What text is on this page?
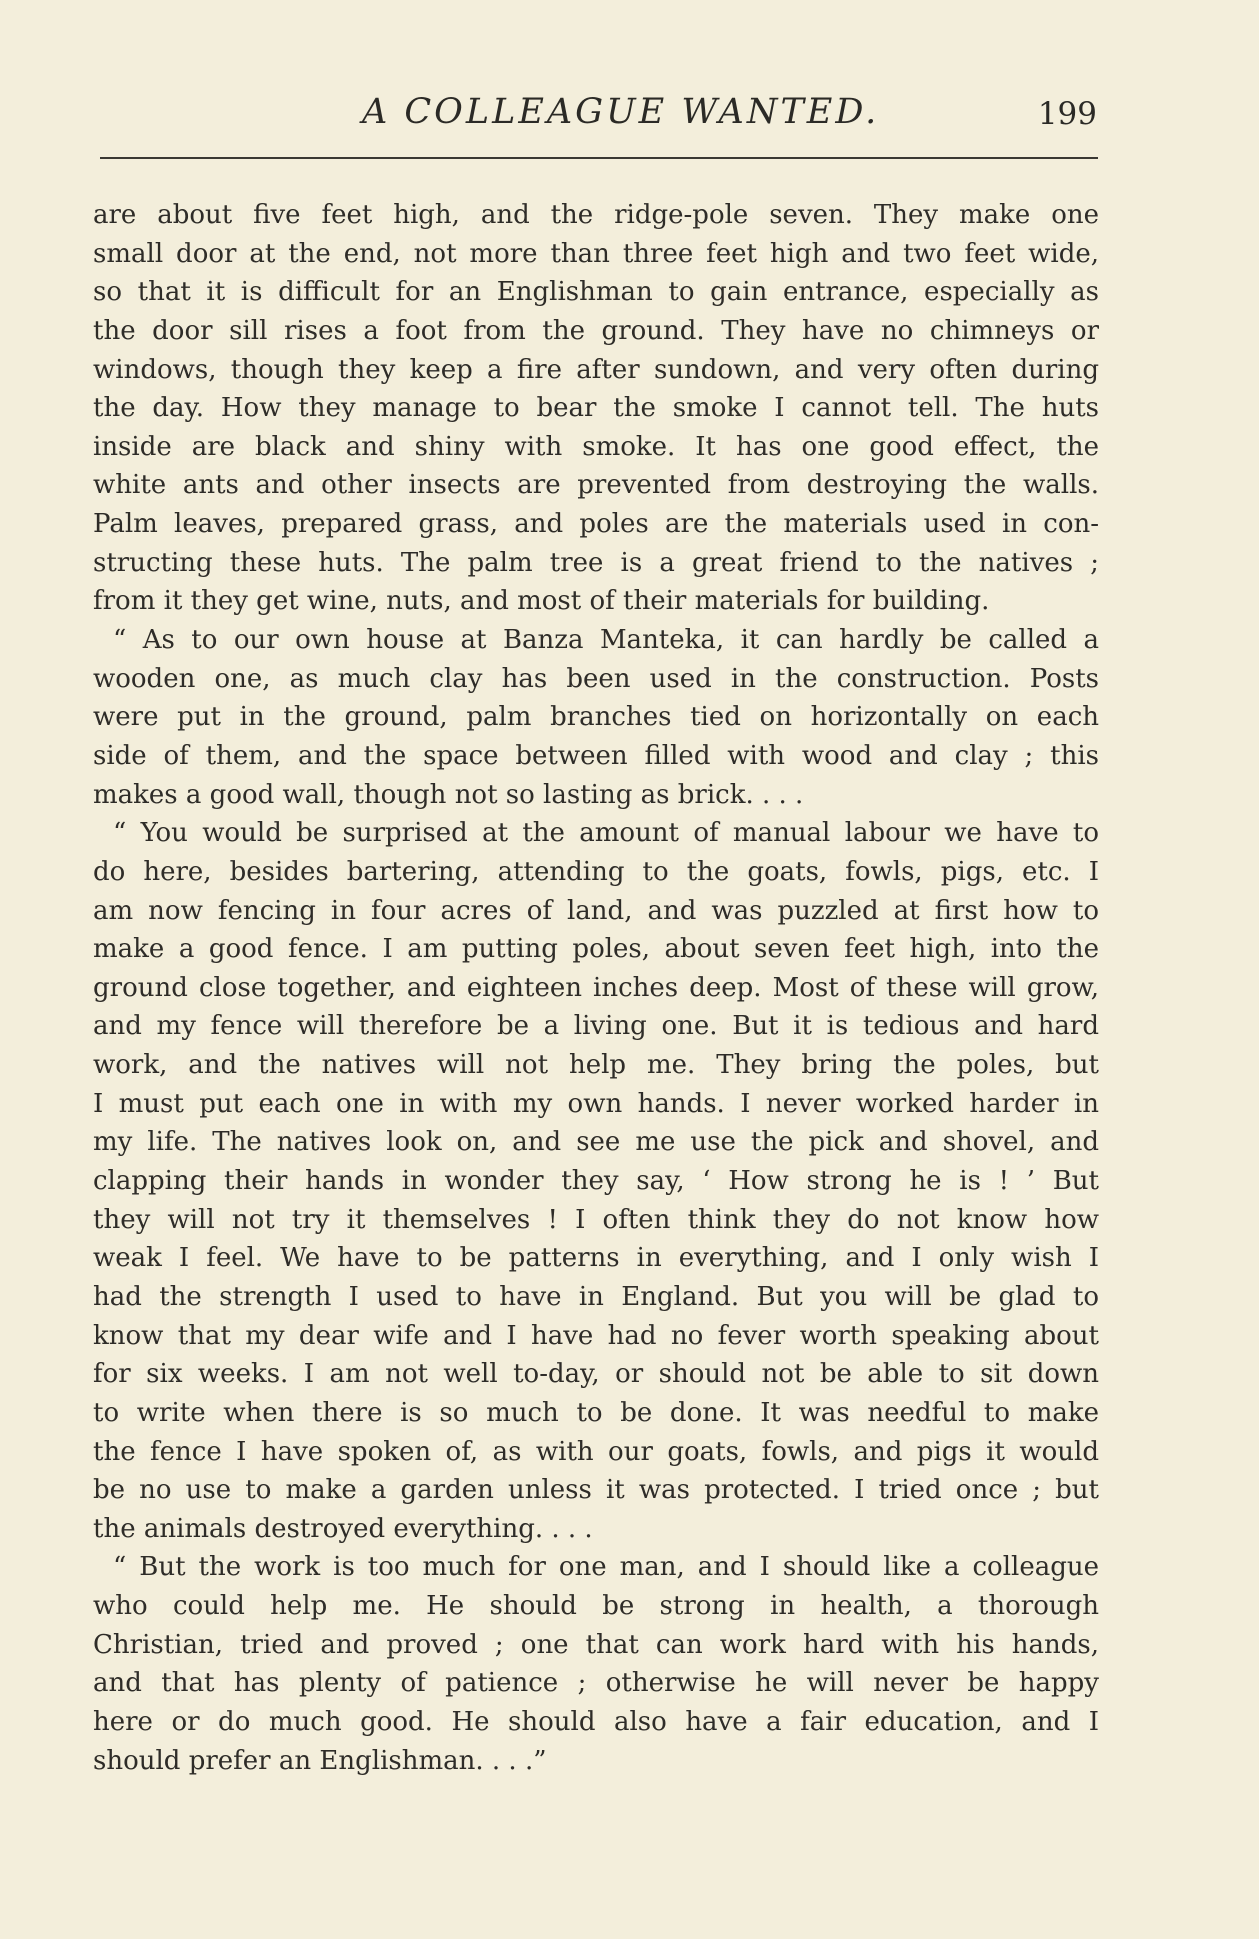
A COLLEAGUE WANTED.	199
are about five feet high, and the ridge-pole seven. They make one
small door at the end, not more than three feet high and two feet wide,
so that it is difficult for an Englishman to gain entrance, especially as
the door sill rises a foot from the ground. They have no chimneys or
windows, though they keep a fire after sundown, and very often during
the day. How they manage to bear the smoke I cannot tell. The huts
inside are black and shiny with smoke. It has one good effect, the
white ants and other insects are prevented from destroying the walls.
Palm leaves, prepared grass, and poles are the materials used in con-
structing these huts. The palm tree is a great friend to the natives ;
from it they get wine, nuts, and most of their materials for building.
“ As to our own house at Banza Manteka, it can hardly be called a
wooden one, as much clay has been used in the construction. Posts
were put in the ground, palm branches tied on horizontally on each
side of them, and the space between filled with wood and clay ; this
makes a good wall, though not so lasting as brick. . . .
“ You would be surprised at the amount of manual labour we have to
do here, besides bartering, attending to the goats, fowls, pigs, etc. I
am now fencing in four acres of land, and was puzzled at first how to
make a good fence. I am putting poles, about seven feet high, into the
ground close together, and eighteen inches deep. Most of these will grow,
and my fence will therefore be a living one. But it is tedious and hard
work, and the natives will not help me. They bring the poles, but
I must put each one in with my own hands. I never worked harder in
my life. The natives look on, and see me use the pick and shovel, and
clapping their hands in wonder they say, ‘ How strong he is ! ’ But
they will not try it themselves ! I often think they do not know how
weak I feel. We have to be patterns in everything, and I only wish I
had the strength I used to have in England. But you will be glad to
know that my dear wife and I have had no fever worth speaking about
for six weeks. I am not well to-day, or should not be able to sit down
to write when there is so much to be done. It was needful to make
the fence I have spoken of, as with our goats, fowls, and pigs it would
be no use to make a garden unless it was protected. I tried once ; but
the animals destroyed everything. . . .
“ But the work is too much for one man, and I should like a colleague
who could help me. He should be strong in health, a thorough
Christian, tried and proved ; one that can work hard with his hands,
and that has plenty of patience ; otherwise he will never be happy
here or do much good. He should also have a fair education, and I
should prefer an Englishman. . . .”
